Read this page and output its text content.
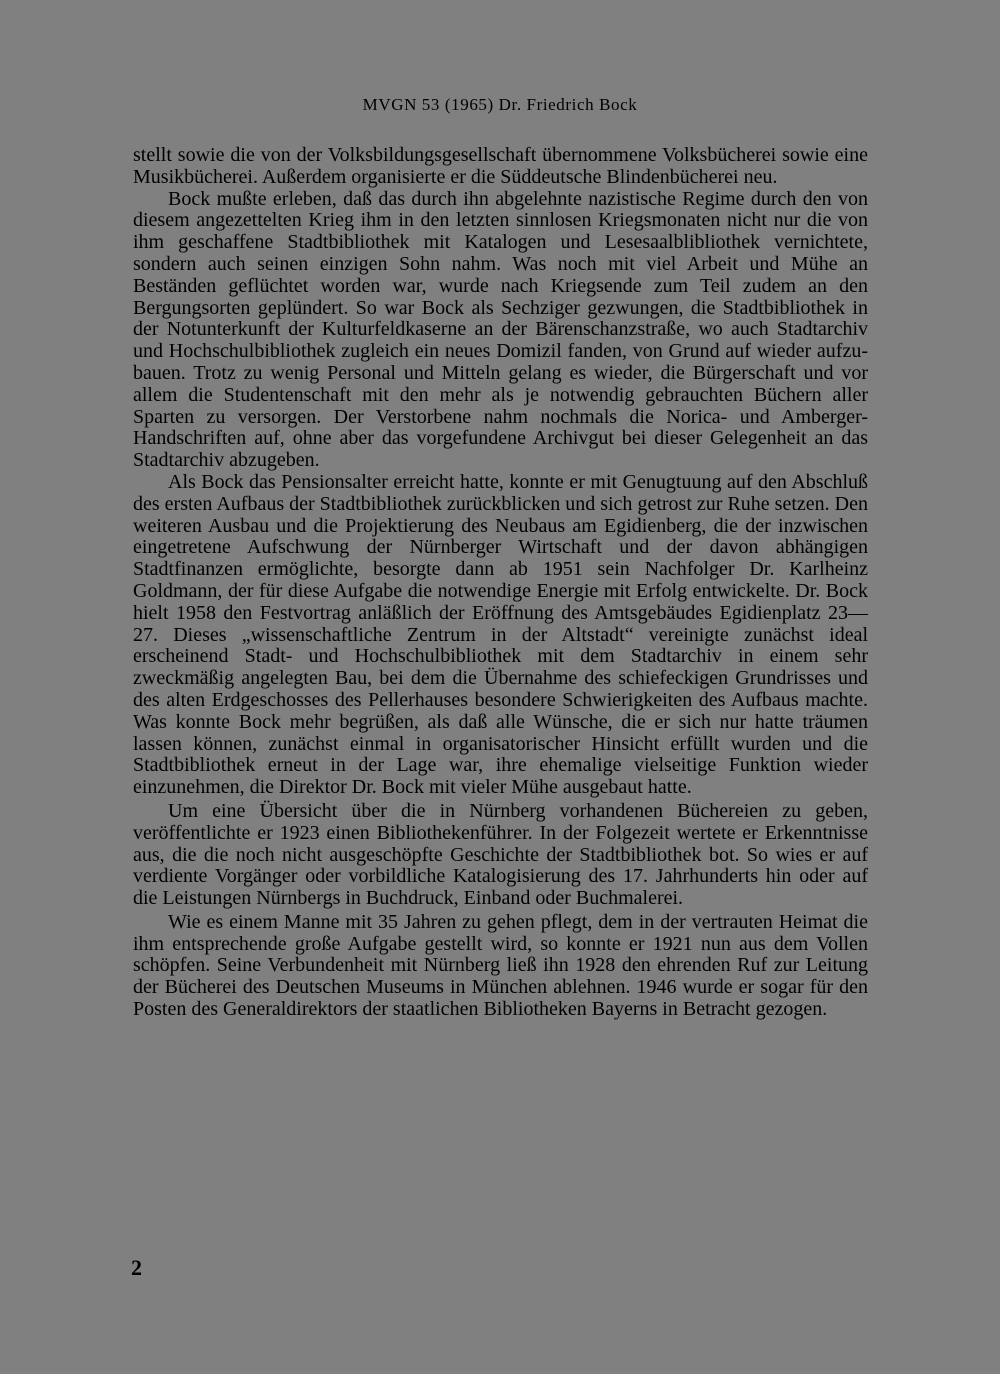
MVGN 53 (1965) Dr. Friedrich Bock

stellt sowie die von der Volksbildungsgesellschaft übernommene Volksbücherei sowie eine Musikbücherei. Außerdem organisierte er die Süddeutsche Blindenbücherei neu.

Bock mußte erleben, daß das durch ihn abgelehnte nazistische Regime durch den von diesem angezettelten Krieg ihm in den letzten sinnlosen Kriegsmonaten nicht nur die von ihm geschaffene Stadtbibliothek mit Katalogen und Lesesaalblibliothek vernichtete, sondern auch seinen einzigen Sohn nahm. Was noch mit viel Arbeit und Mühe an Beständen geflüchtet worden war, wurde nach Kriegsende zum Teil zudem an den Bergungsorten geplündert. So war Bock als Sechziger gezwungen, die Stadtbibliothek in der Notunterkunft der Kulturfeldkaserne an der Bärenschanzstraße, wo auch Stadtarchiv und Hochschulbibliothek zugleich ein neues Domizil fanden, von Grund auf wieder aufzubauen. Trotz zu wenig Personal und Mitteln gelang es wieder, die Bürgerschaft und vor allem die Studentenschaft mit den mehr als je notwendig gebrauchten Büchern aller Sparten zu versorgen. Der Verstorbene nahm nochmals die Norica- und Amberger-Handschriften auf, ohne aber das vorgefundene Archivgut bei dieser Gelegenheit an das Stadtarchiv abzugeben.

Als Bock das Pensionsalter erreicht hatte, konnte er mit Genugtuung auf den Abschluß des ersten Aufbaus der Stadtbibliothek zurückblicken und sich getrost zur Ruhe setzen. Den weiteren Ausbau und die Projektierung des Neubaus am Egidienberg, die der inzwischen eingetretene Aufschwung der Nürnberger Wirtschaft und der davon abhängigen Stadtfinanzen ermöglichte, besorgte dann ab 1951 sein Nachfolger Dr. Karlheinz Goldmann, der für diese Aufgabe die notwendige Energie mit Erfolg entwickelte. Dr. Bock hielt 1958 den Festvortrag anläßlich der Eröffnung des Amtsgebäudes Egidienplatz 23—27. Dieses „wissenschaftliche Zentrum in der Altstadt“ vereinigte zunächst ideal erscheinend Stadt- und Hochschulbibliothek mit dem Stadtarchiv in einem sehr zweckmäßig angelegten Bau, bei dem die Übernahme des schiefeckigen Grundrisses und des alten Erdgeschosses des Pellerhauses besondere Schwierigkeiten des Aufbaus machte. Was konnte Bock mehr begrüßen, als daß alle Wünsche, die er sich nur hatte träumen lassen können, zunächst einmal in organisatorischer Hinsicht erfüllt wurden und die Stadtbibliothek erneut in der Lage war, ihre ehemalige vielseitige Funktion wieder einzunehmen, die Direktor Dr. Bock mit vieler Mühe ausgebaut hatte.

Um eine Übersicht über die in Nürnberg vorhandenen Büchereien zu geben, veröffentlichte er 1923 einen Bibliothekenführer. In der Folgezeit wertete er Erkenntnisse aus, die die noch nicht ausgeschöpfte Geschichte der Stadtbibliothek bot. So wies er auf verdiente Vorgänger oder vorbildliche Katalogisierung des 17. Jahrhunderts hin oder auf die Leistungen Nürnbergs in Buchdruck, Einband oder Buchmalerei.

Wie es einem Manne mit 35 Jahren zu gehen pflegt, dem in der vertrauten Heimat die ihm entsprechende große Aufgabe gestellt wird, so konnte er 1921 nun aus dem Vollen schöpfen. Seine Verbundenheit mit Nürnberg ließ ihn 1928 den ehrenden Ruf zur Leitung der Bücherei des Deutschen Museums in München ablehnen. 1946 wurde er sogar für den Posten des Generaldirektors der staatlichen Bibliotheken Bayerns in Betracht gezogen.

2
